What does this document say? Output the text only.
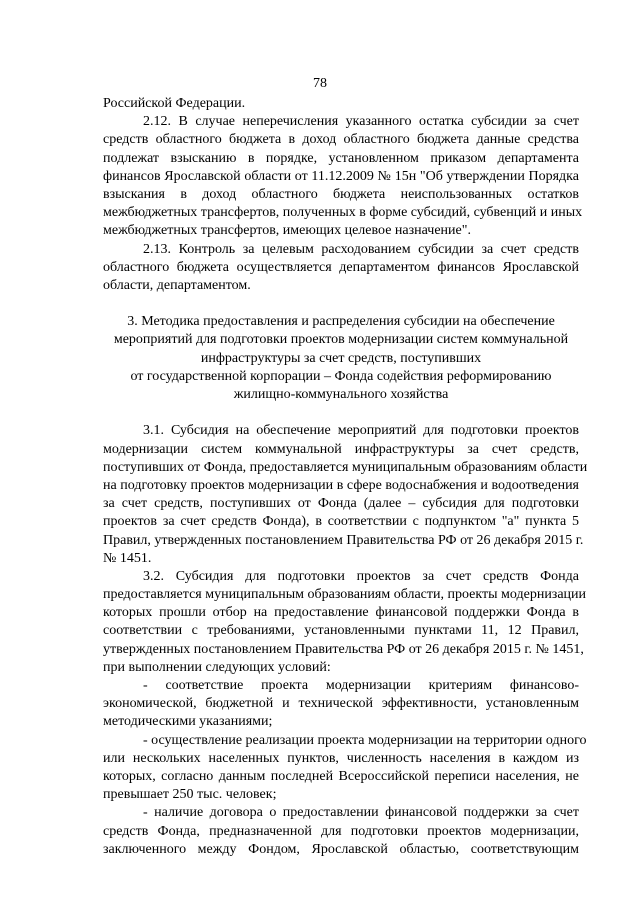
78
Российской Федерации.
2.12. В случае неперечисления указанного остатка субсидии за счет
средств областного бюджета в доход областного бюджета данные средства
подлежат взысканию в порядке, установленном приказом департамента
финансов Ярославской области от 11.12.2009 № 15н "Об утверждении Порядка
взыскания в доход областного бюджета неиспользованных остатков
межбюджетных трансфертов, полученных в форме субсидий, субвенций и иных
межбюджетных трансфертов, имеющих целевое назначение".
2.13. Контроль за целевым расходованием субсидии за счет средств
областного бюджета осуществляется департаментом финансов Ярославской
области, департаментом.
3. Методика предоставления и распределения субсидии на обеспечение
мероприятий для подготовки проектов модернизации систем коммунальной
инфраструктуры за счет средств, поступивших
от государственной корпорации – Фонда содействия реформированию
жилищно-коммунального хозяйства
3.1. Субсидия на обеспечение мероприятий для подготовки проектов
модернизации систем коммунальной инфраструктуры за счет средств,
поступивших от Фонда, предоставляется муниципальным образованиям области
на подготовку проектов модернизации в сфере водоснабжения и водоотведения
за счет средств, поступивших от Фонда (далее – субсидия для подготовки
проектов за счет средств Фонда), в соответствии с подпунктом "а" пункта 5
Правил, утвержденных постановлением Правительства РФ от 26 декабря 2015 г.
№ 1451.
3.2. Субсидия для подготовки проектов за счет средств Фонда
предоставляется муниципальным образованиям области, проекты модернизации
которых прошли отбор на предоставление финансовой поддержки Фонда в
соответствии с требованиями, установленными пунктами 11, 12 Правил,
утвержденных постановлением Правительства РФ от 26 декабря 2015 г. № 1451,
при выполнении следующих условий:
- соответствие проекта модернизации критериям финансово-
экономической, бюджетной и технической эффективности, установленным
методическими указаниями;
- осуществление реализации проекта модернизации на территории одного
или нескольких населенных пунктов, численность населения в каждом из
которых, согласно данным последней Всероссийской переписи населения, не
превышает 250 тыс. человек;
- наличие договора о предоставлении финансовой поддержки за счет
средств Фонда, предназначенной для подготовки проектов модернизации,
заключенного между Фондом, Ярославской областью, соответствующим
